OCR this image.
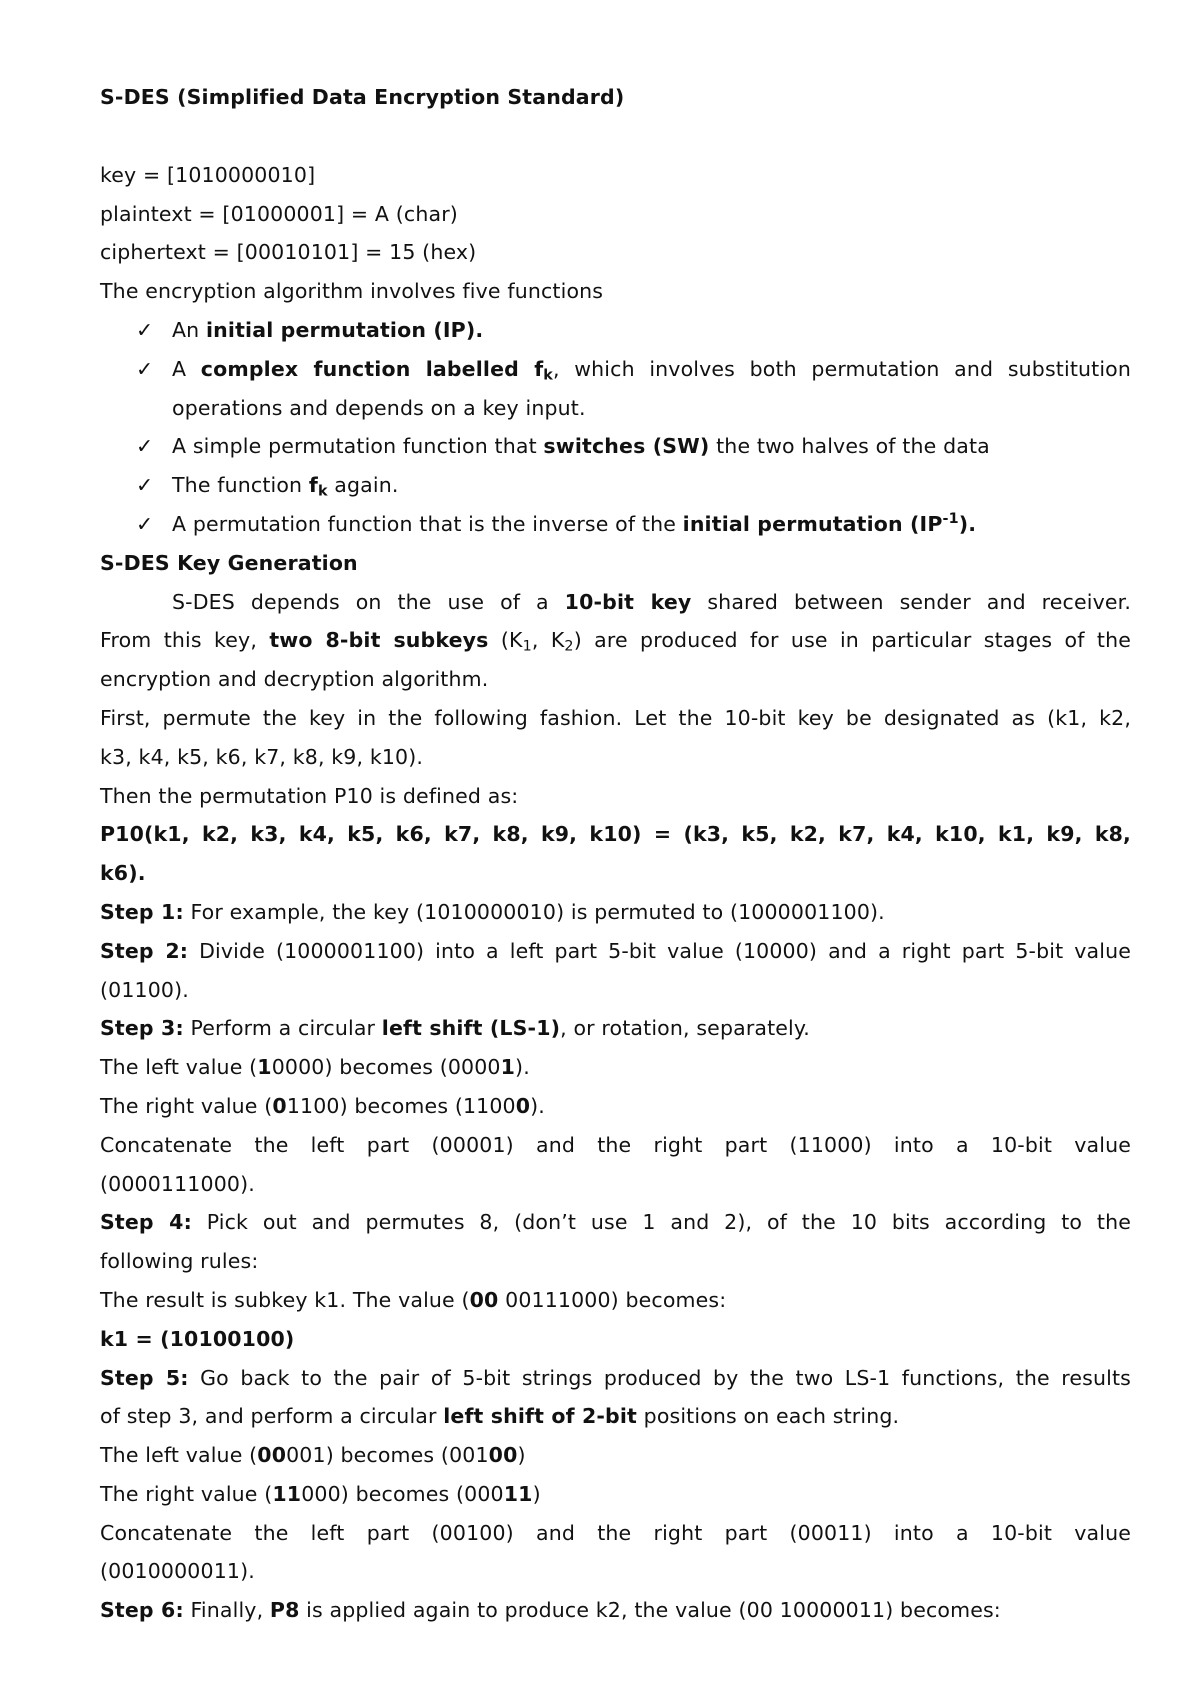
S-DES (Simplified Data Encryption Standard)
key = [1010000010]
plaintext = [01000001] = A (char)
ciphertext = [00010101] = 15 (hex)
The encryption algorithm involves five functions
✓ An initial permutation (IP).
✓ A complex function labelled $f_k$, which involves both permutation and substitution
operations and depends on a key input.
✓ A simple permutation function that switches (SW) the two halves of the data
✓ The function $f_k$ again.
✓ A permutation function that is the inverse of the initial permutation $(IP^{-1})$.
S-DES Key Generation
S-DES depends on the use of a 10-bit key shared between sender and receiver.
From this key, two 8-bit subkeys ($K_1$, $K_2$) are produced for use in particular stages of the
encryption and decryption algorithm.
First, permute the key in the following fashion. Let the 10-bit key be designated as (k1, k2,
k3, k4, k5, k6, k7, k8, k9, k10).
Then the permutation P10 is defined as:
P10(k1, k2, k3, k4, k5, k6, k7, k8, k9, k10) = (k3, k5, k2, k7, k4, k10, k1, k9, k8,
k6).
Step 1: For example, the key (1010000010) is permuted to (1000001100).
Step 2: Divide (1000001100) into a left part 5-bit value (10000) and a right part 5-bit value
(01100).
Step 3: Perform a circular left shift (LS-1), or rotation, separately.
The left value (10000) becomes (00001).
The right value (01100) becomes (11000).
Concatenate the left part (00001) and the right part (11000) into a 10-bit value
(0000111000).
Step 4: Pick out and permutes 8, (don’t use 1 and 2), of the 10 bits according to the
following rules:
The result is subkey k1. The value (00 00111000) becomes:
k1 = (10100100)
Step 5: Go back to the pair of 5-bit strings produced by the two LS-1 functions, the results
of step 3, and perform a circular left shift of 2-bit positions on each string.
The left value (00001) becomes (00100)
The right value (11000) becomes (00011)
Concatenate the left part (00100) and the right part (00011) into a 10-bit value
(0010000011).
Step 6: Finally, P8 is applied again to produce k2, the value (00 10000011) becomes:
